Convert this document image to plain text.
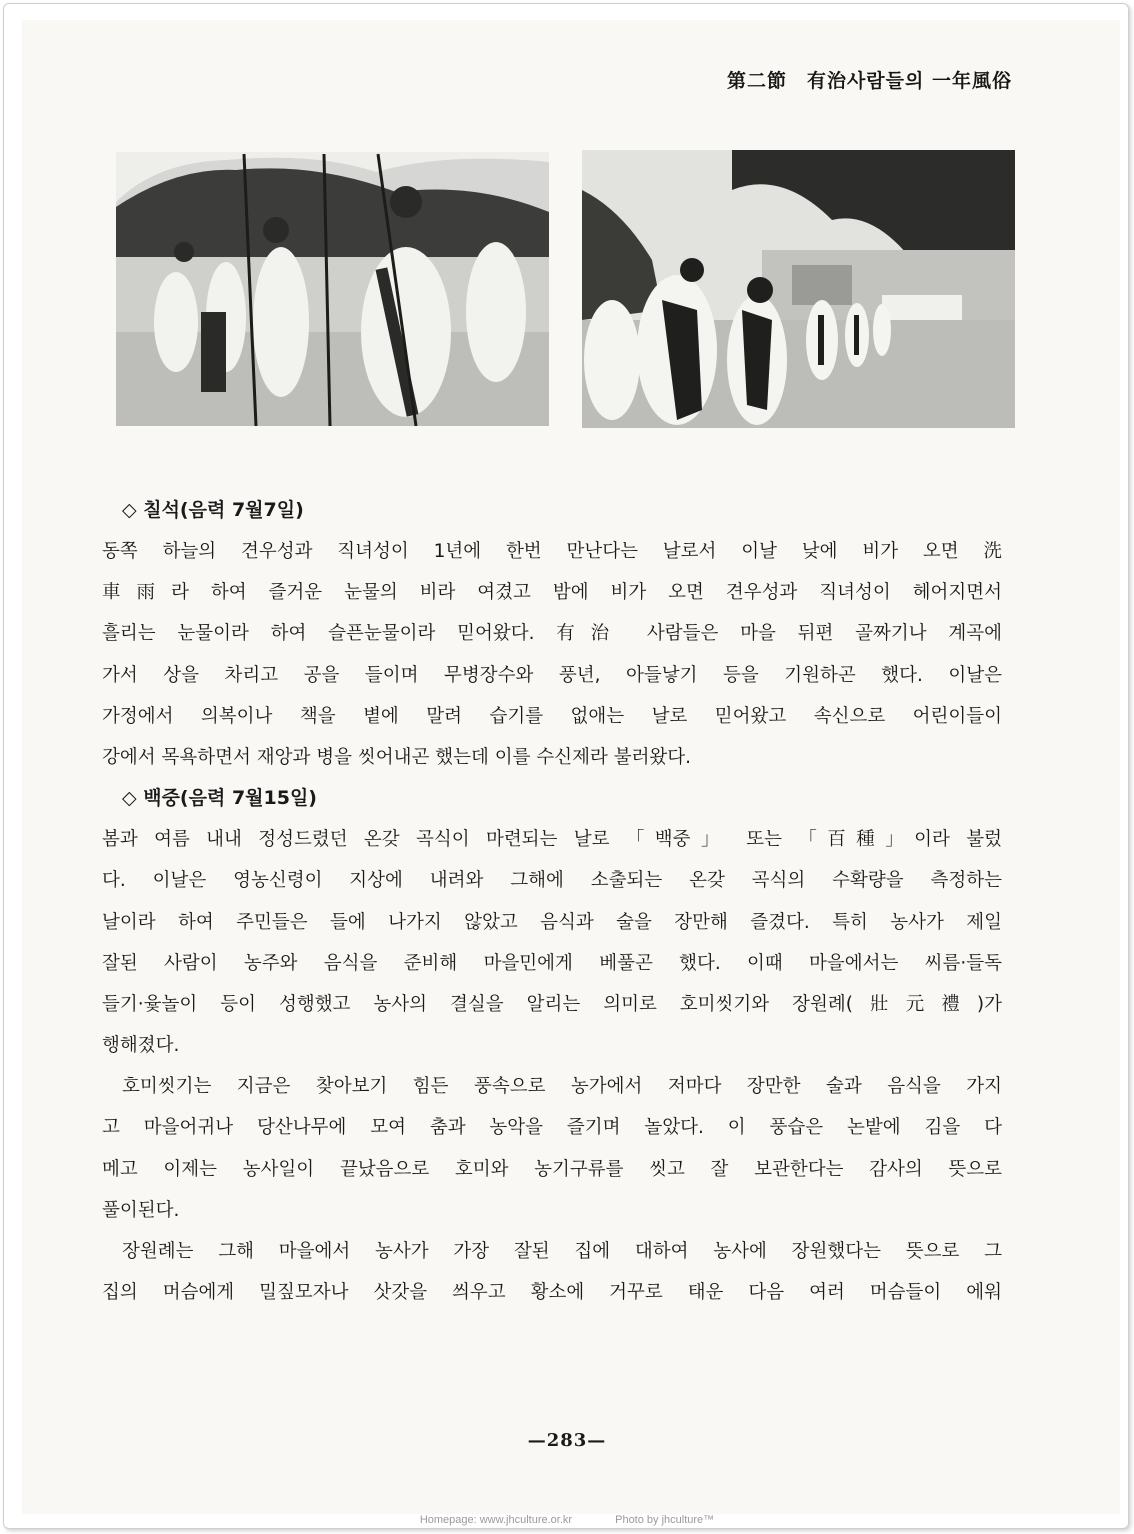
第二節 有治사람들의 一年風俗
◇ 칠석(음력 7월7일)
동쪽 하늘의 견우성과 직녀성이 1년에 한번 만난다는 날로서 이날 낮에 비가 오면 洗
車雨라 하여 즐거운 눈물의 비라 여겼고 밤에 비가 오면 견우성과 직녀성이 헤어지면서
흘리는 눈물이라 하여 슬픈눈물이라 믿어왔다. 有治 사람들은 마을 뒤편 골짜기나 계곡에
가서 상을 차리고 공을 들이며 무병장수와 풍년, 아들낳기 등을 기원하곤 했다. 이날은
가정에서 의복이나 책을 볕에 말려 습기를 없애는 날로 믿어왔고 속신으로 어린이들이
강에서 목욕하면서 재앙과 병을 씻어내곤 했는데 이를 수신제라 불러왔다.
◇ 백중(음력 7월15일)
봄과 여름 내내 정성드렸던 온갖 곡식이 마련되는 날로 「백중」 또는 「百種」이라 불렀
다. 이날은 영농신령이 지상에 내려와 그해에 소출되는 온갖 곡식의 수확량을 측정하는
날이라 하여 주민들은 들에 나가지 않았고 음식과 술을 장만해 즐겼다. 특히 농사가 제일
잘된 사람이 농주와 음식을 준비해 마을민에게 베풀곤 했다. 이때 마을에서는 씨름·들독
들기·윷놀이 등이 성행했고 농사의 결실을 알리는 의미로 호미씻기와 장원례(壯元禮)가
행해졌다.
호미씻기는 지금은 찾아보기 힘든 풍속으로 농가에서 저마다 장만한 술과 음식을 가지
고 마을어귀나 당산나무에 모여 춤과 농악을 즐기며 놀았다. 이 풍습은 논밭에 김을 다
메고 이제는 농사일이 끝났음으로 호미와 농기구류를 씻고 잘 보관한다는 감사의 뜻으로
풀이된다.
장원례는 그해 마을에서 농사가 가장 잘된 집에 대하여 농사에 장원했다는 뜻으로 그
집의 머슴에게 밀짚모자나 삿갓을 씌우고 황소에 거꾸로 태운 다음 여러 머슴들이 에워
—283—
Homepage: www.jhculture.or.kr	Photo by jhculture™
